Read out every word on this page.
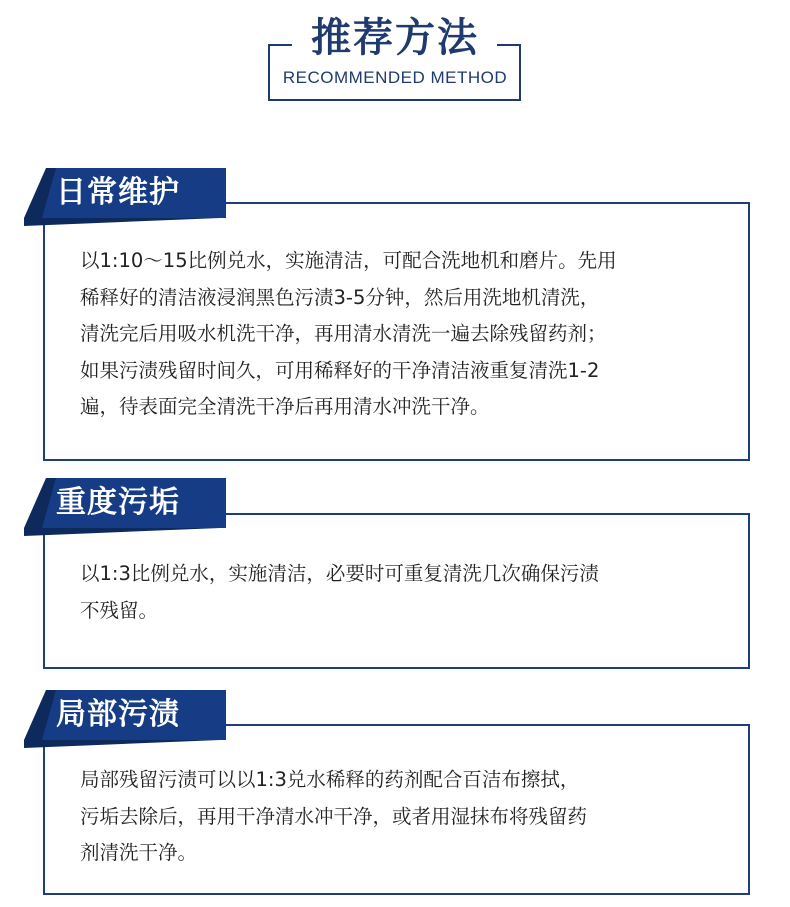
推荐方法
RECOMMENDED METHOD
日常维护
以1:10～15比例兑水，实施清洁，可配合洗地机和磨片。先用
稀释好的清洁液浸润黑色污渍3-5分钟，然后用洗地机清洗，
清洗完后用吸水机洗干净，再用清水清洗一遍去除残留药剂；
如果污渍残留时间久，可用稀释好的干净清洁液重复清洗1-2
遍，待表面完全清洗干净后再用清水冲洗干净。
重度污垢
以1:3比例兑水，实施清洁，必要时可重复清洗几次确保污渍
不残留。
局部污渍
局部残留污渍可以以1:3兑水稀释的药剂配合百洁布擦拭，
污垢去除后，再用干净清水冲干净，或者用湿抹布将残留药
剂清洗干净。
